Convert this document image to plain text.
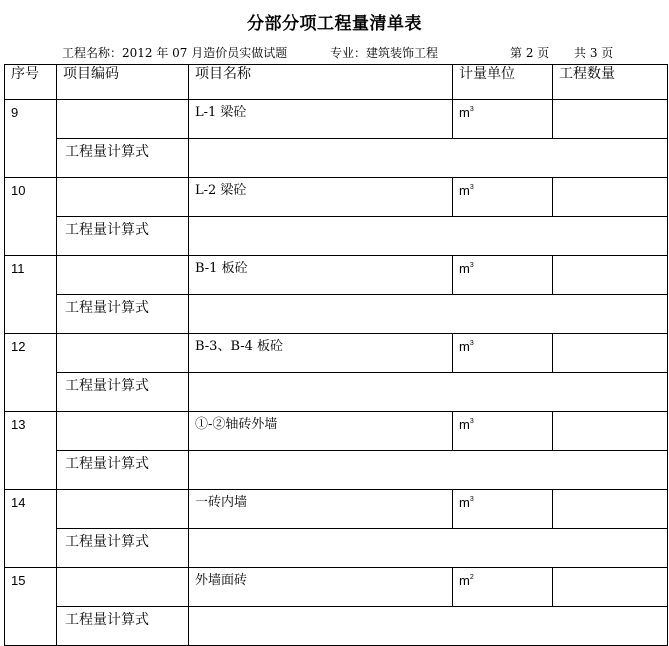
分部分项工程量清单表
工程名称：2012 年 07 月造价员实做试题	专业：建筑装饰工程	第 2 页 共 3 页
序号	项目编码	项目名称	计量单位	工程数量
9		L-1 梁砼	$m^3$	
	工程量计算式			
10		L-2 梁砼	$m^3$	
	工程量计算式			
11		B-1 板砼	$m^3$	
	工程量计算式			
12		B-3、B-4 板砼	$m^3$	
	工程量计算式			
13		①-②轴砖外墙	$m^3$	
	工程量计算式			
14		一砖内墙	$m^3$	
	工程量计算式			
15		外墙面砖	$m^2$	
	工程量计算式			
